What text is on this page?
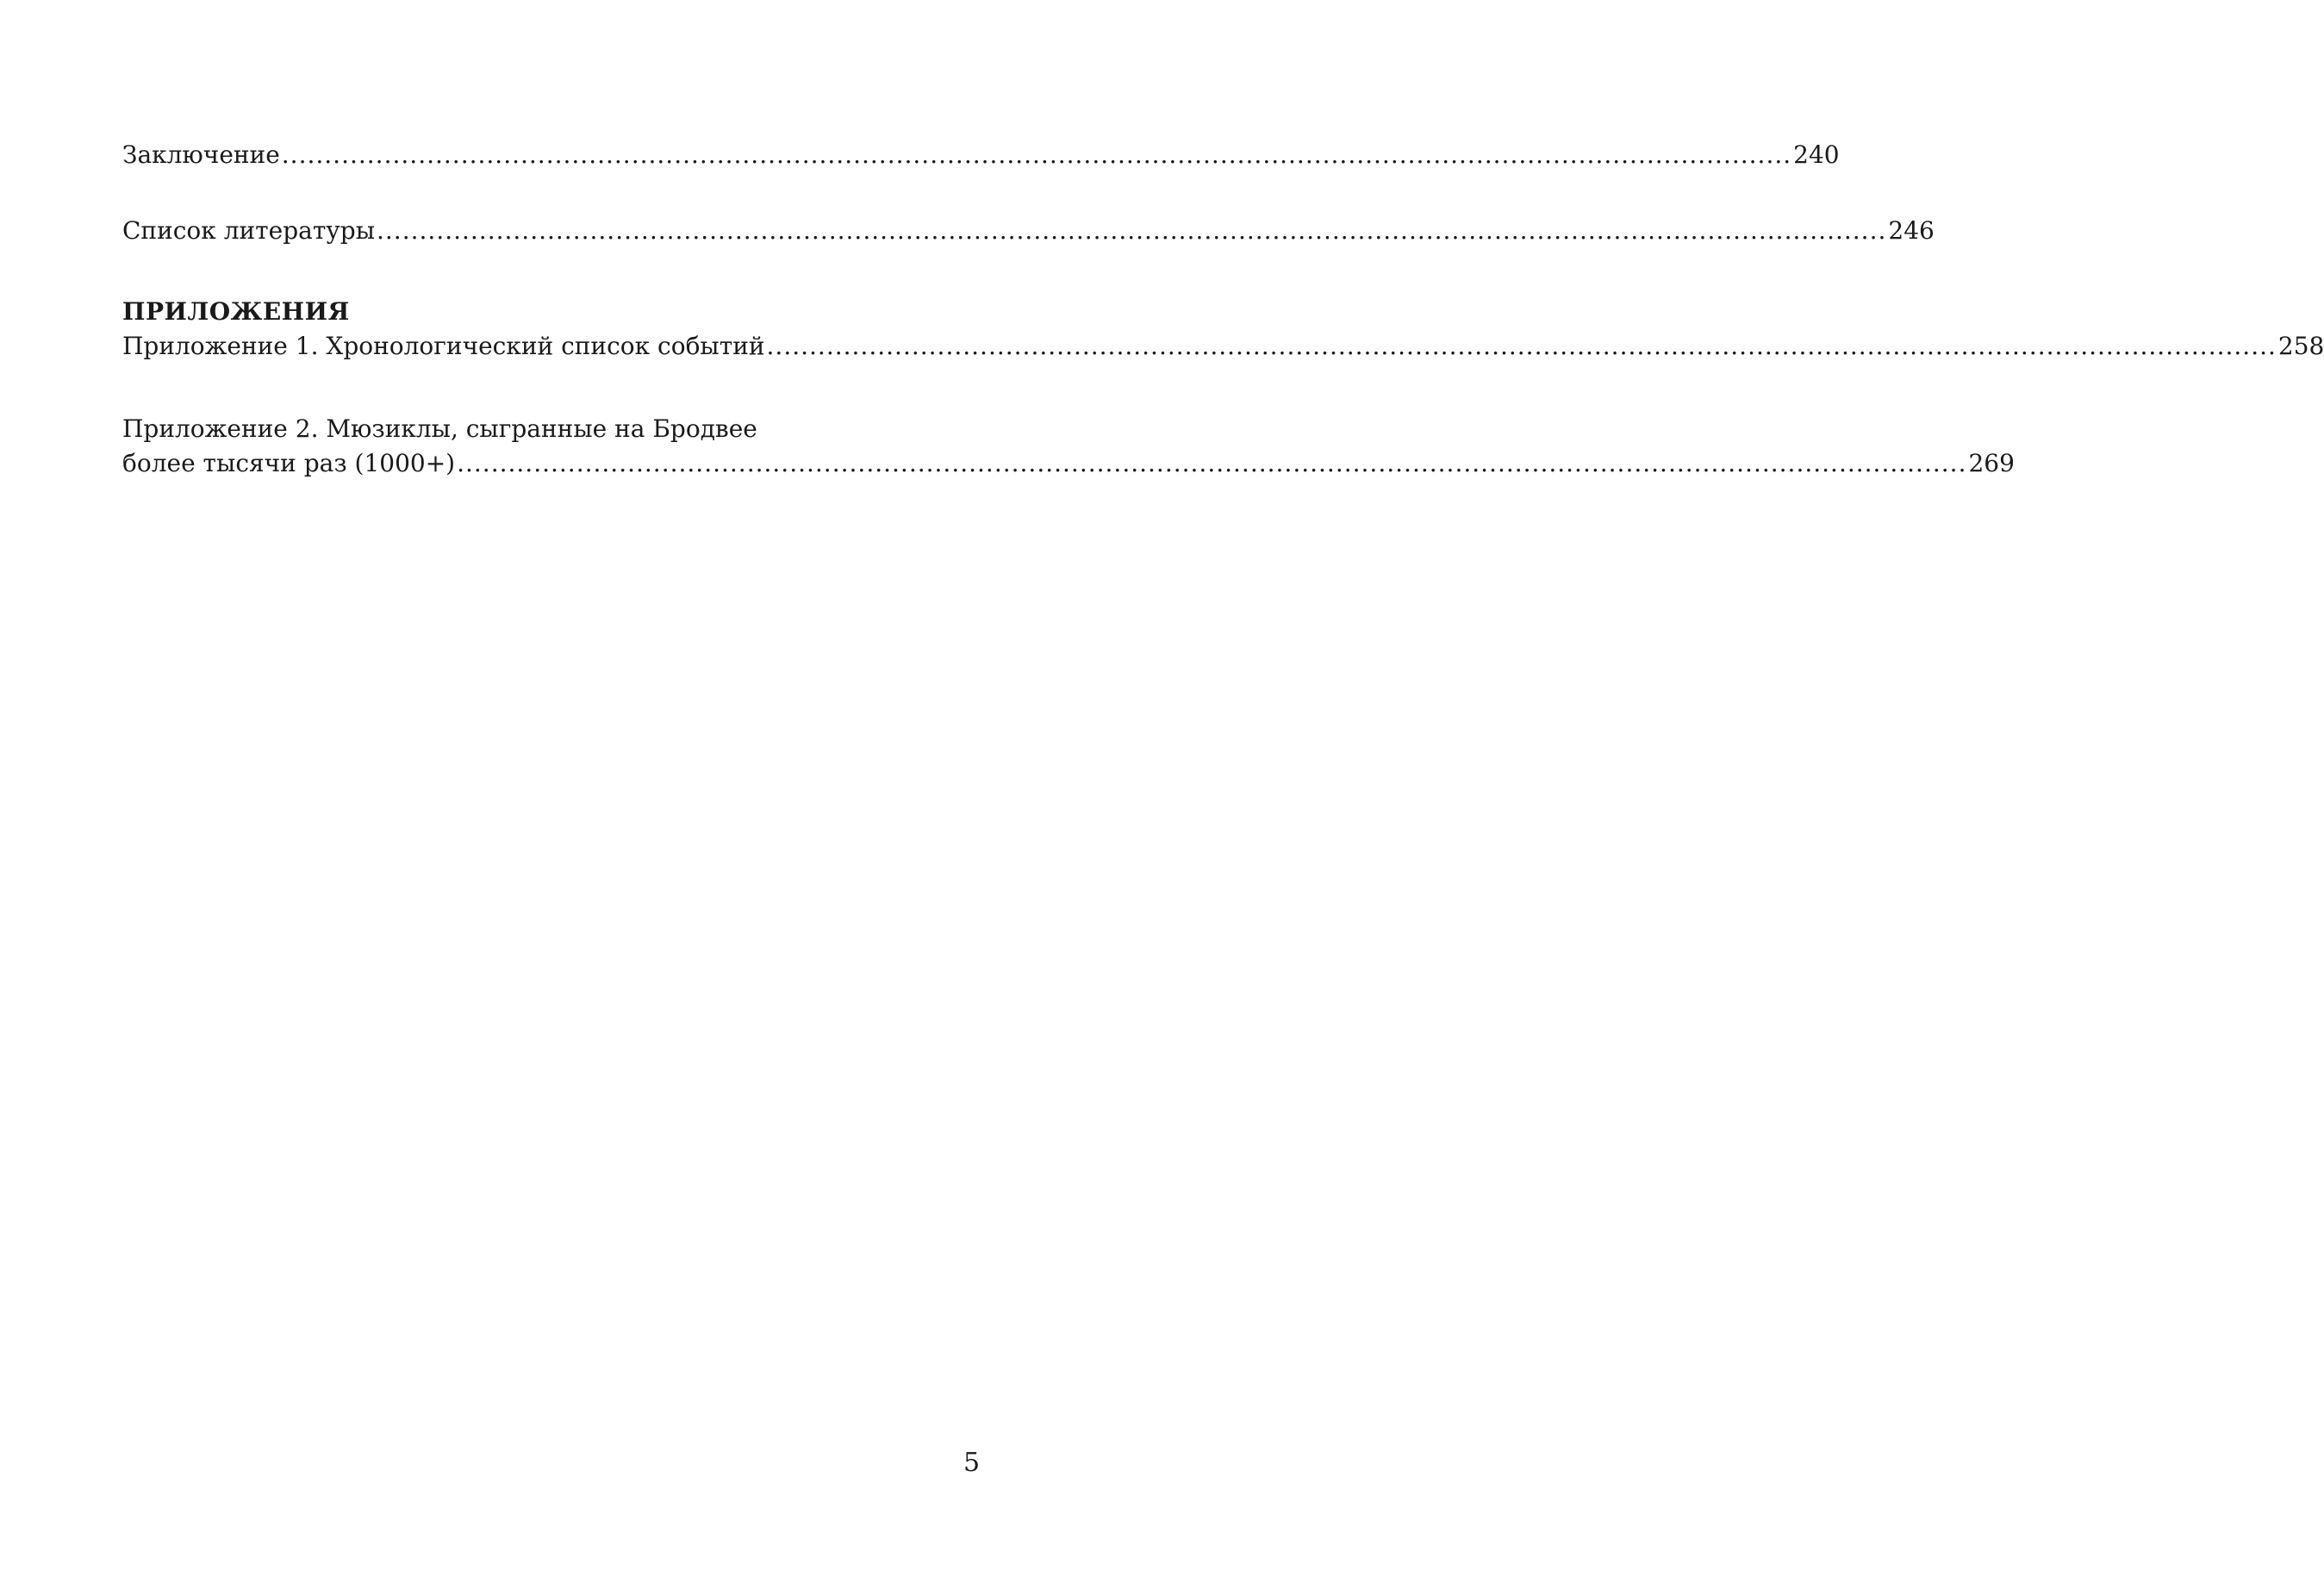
Заключение ................................................................................................................................................................................. 240
Список литературы ................................................................................................................................................................................. 246
ПРИЛОЖЕНИЯ
Приложение 1. Хронологический список событий ................................................................................................................................................................................. 258
Приложение 2. Мюзиклы, сыгранные на Бродвее
более тысячи раз (1000+) ................................................................................................................................................................................. 269
5
